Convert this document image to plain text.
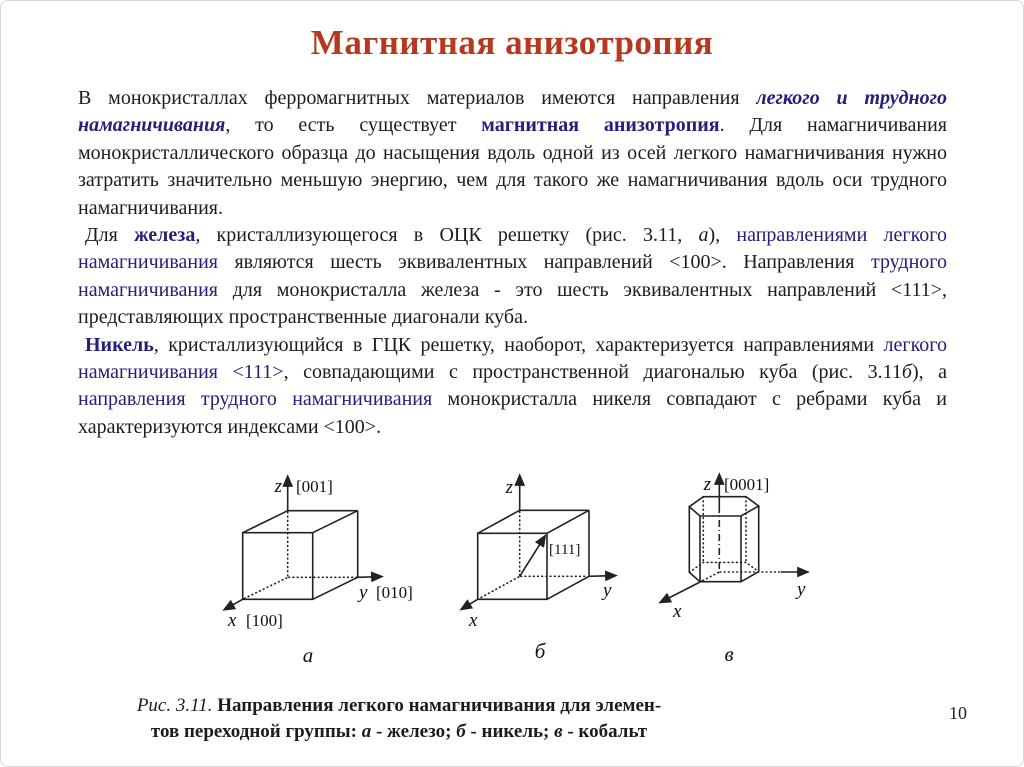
Магнитная анизотропия

В монокристаллах ферромагнитных материалов имеются направления легкого и трудного намагничивания, то есть существует магнитная анизотропия. Для намагничивания монокристаллического образца до насыщения вдоль одной из осей легкого намагничивания нужно затратить значительно меньшую энергию, чем для такого же намагничивания вдоль оси трудного намагничивания.

Для железа, кристаллизующегося в ОЦК решетку (рис. 3.11, а), направлениями легкого намагничивания являются шесть эквивалентных направлений <100>. Направления трудного намагничивания для монокристалла железа - это шесть эквивалентных направлений <111>, представляющих пространственные диагонали куба.

Никель, кристаллизующийся в ГЦК решетку, наоборот, характеризуется направлениями легкого намагничивания <111>, совпадающими с пространственной диагональю куба (рис. 3.11б), а направления трудного намагничивания монокристалла никеля совпадают с ребрами куба и характеризуются индексами <100>.

z [001]
y [010]
x [100]
а
z
[111]
y
x
б
z [0001]
y
x
в
Рис. 3.11. Направления легкого намагничивания для элемен-
тов переходной группы: а - железо; б - никель; в - кобальт
10
